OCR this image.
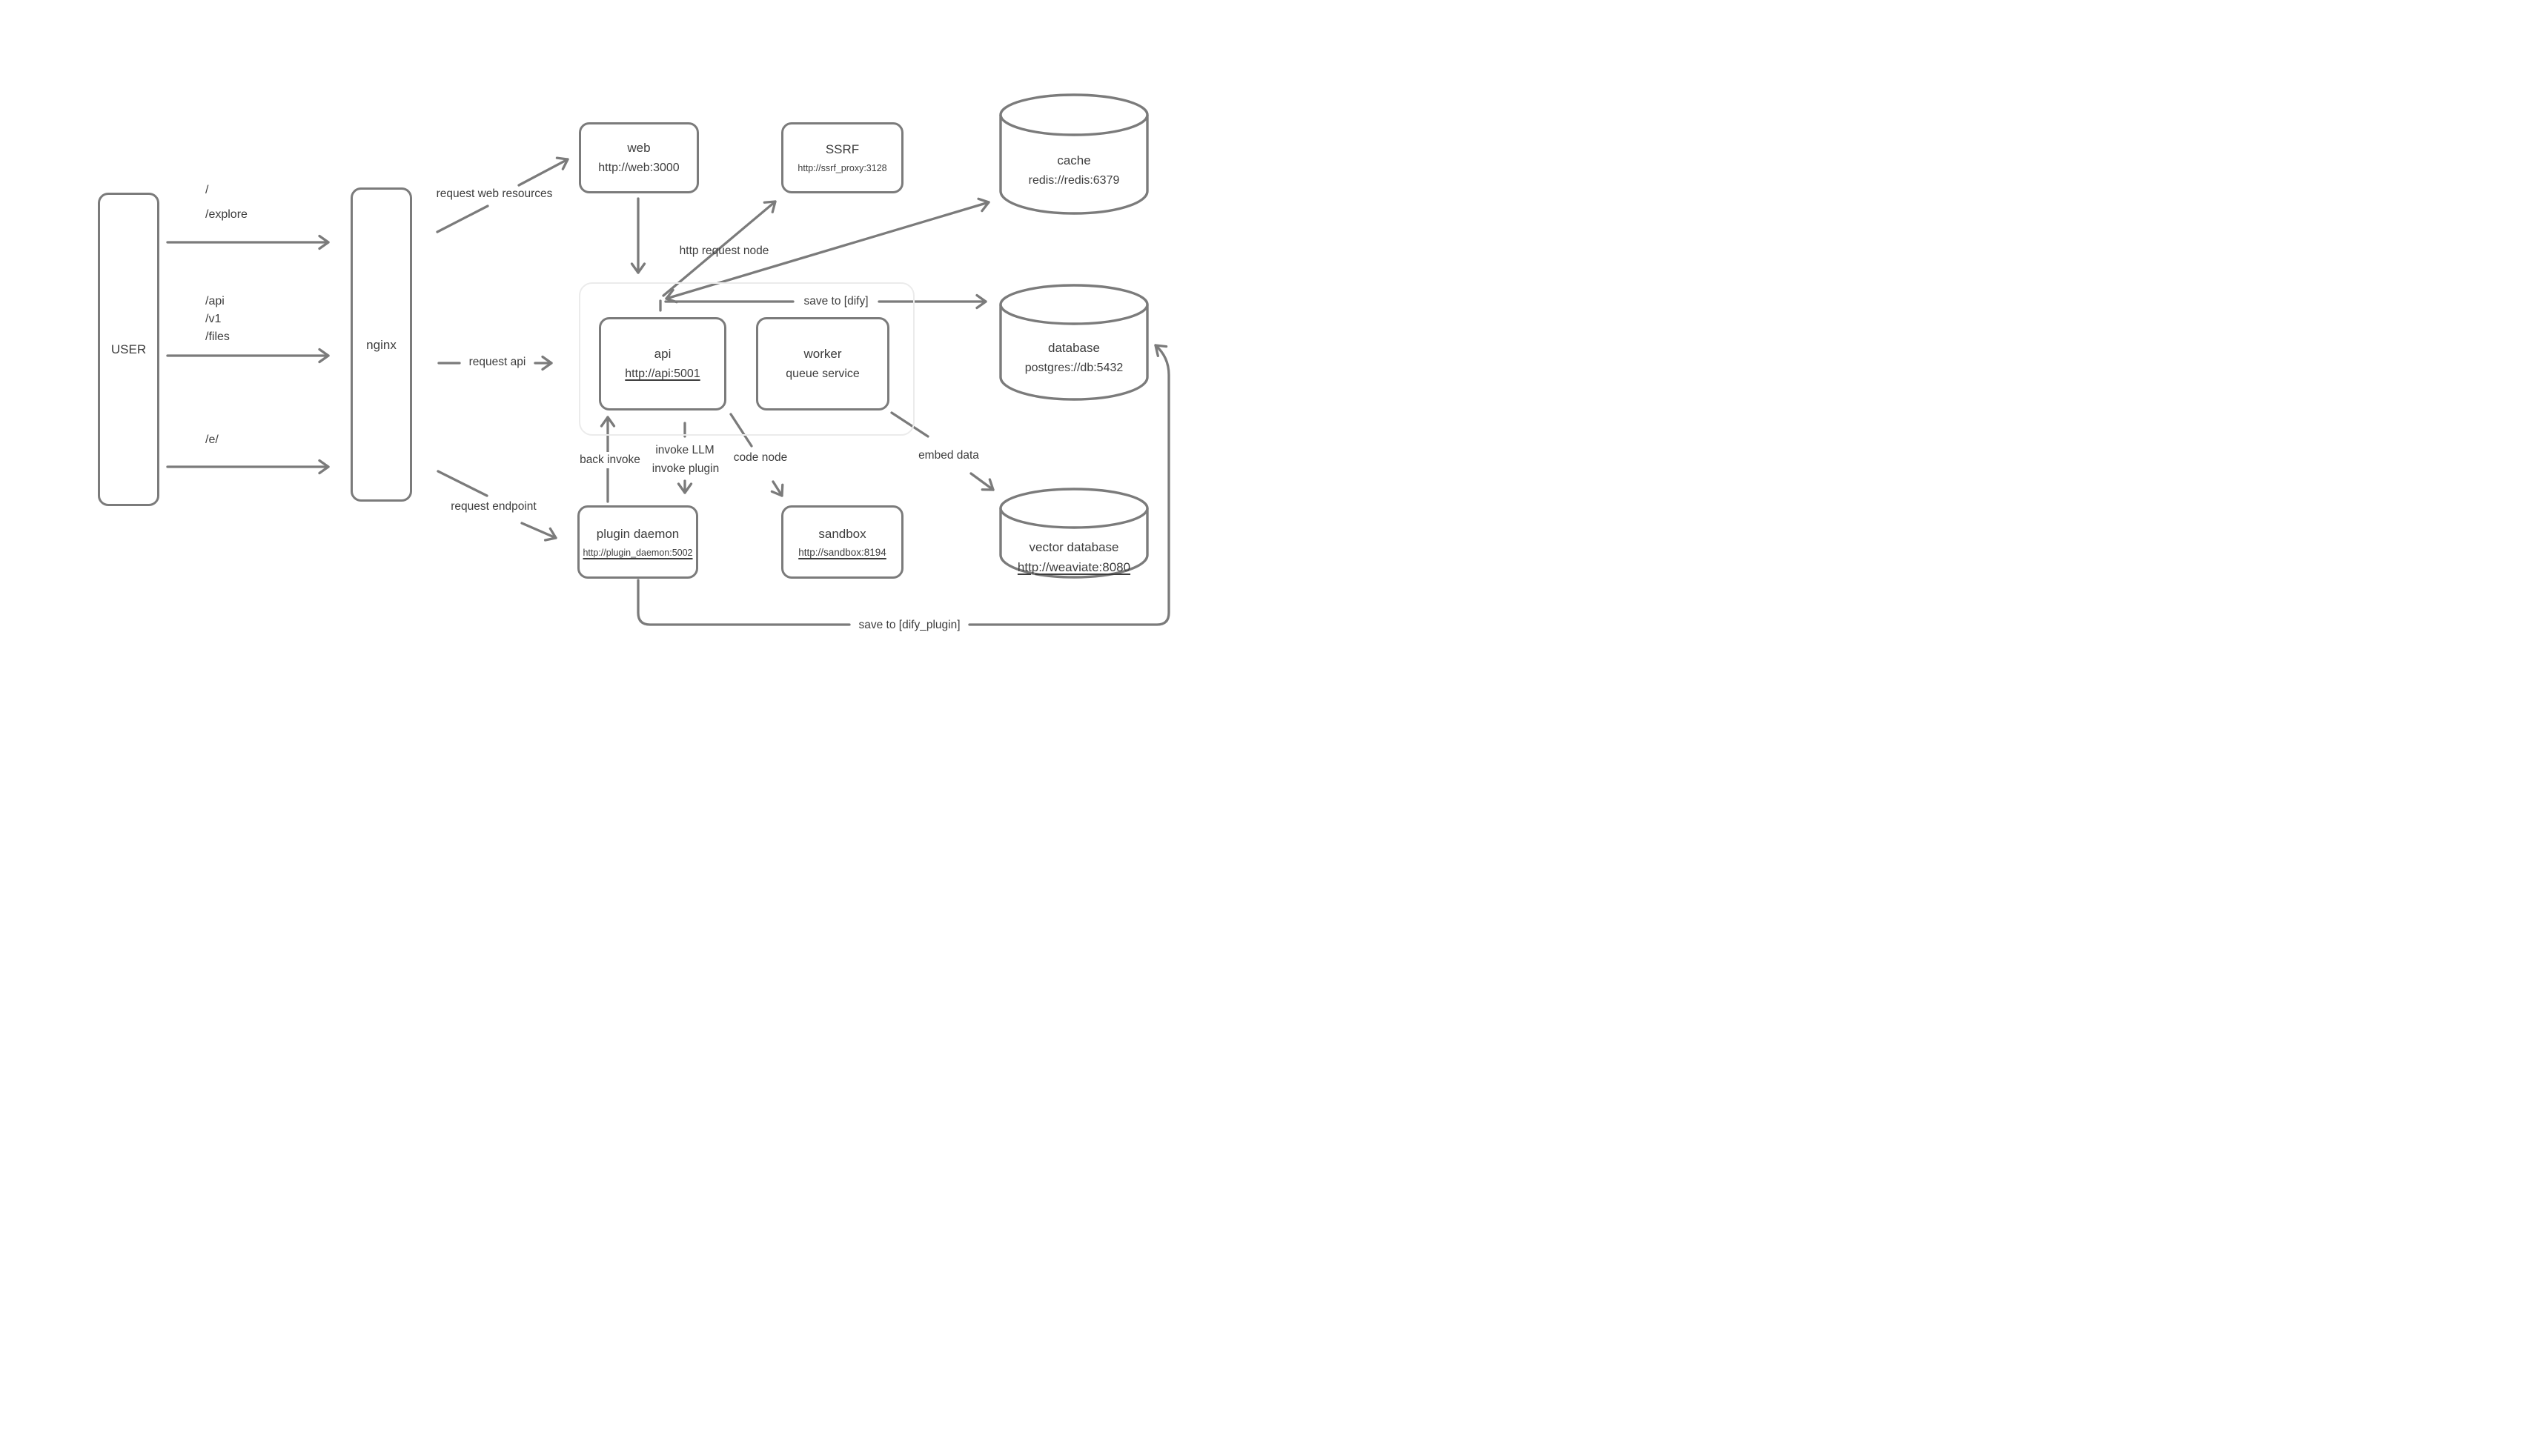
USER	nginx
web
http://web:3000
SSRF
http://ssrf_proxy:3128
api
http://api:5001
worker
queue service
plugin daemon
http://plugin_daemon:5002
sandbox
http://sandbox:8194
cache
redis://redis:6379
database
postgres://db:5432
vector database
http://weaviate:8080
/
/explore
/api
/v1
/files
/e/
request web resources
request api
request endpoint
http request node
save to [dify]
back invoke
invoke LLM
invoke plugin
code node	embed data
save to [dify_plugin]
